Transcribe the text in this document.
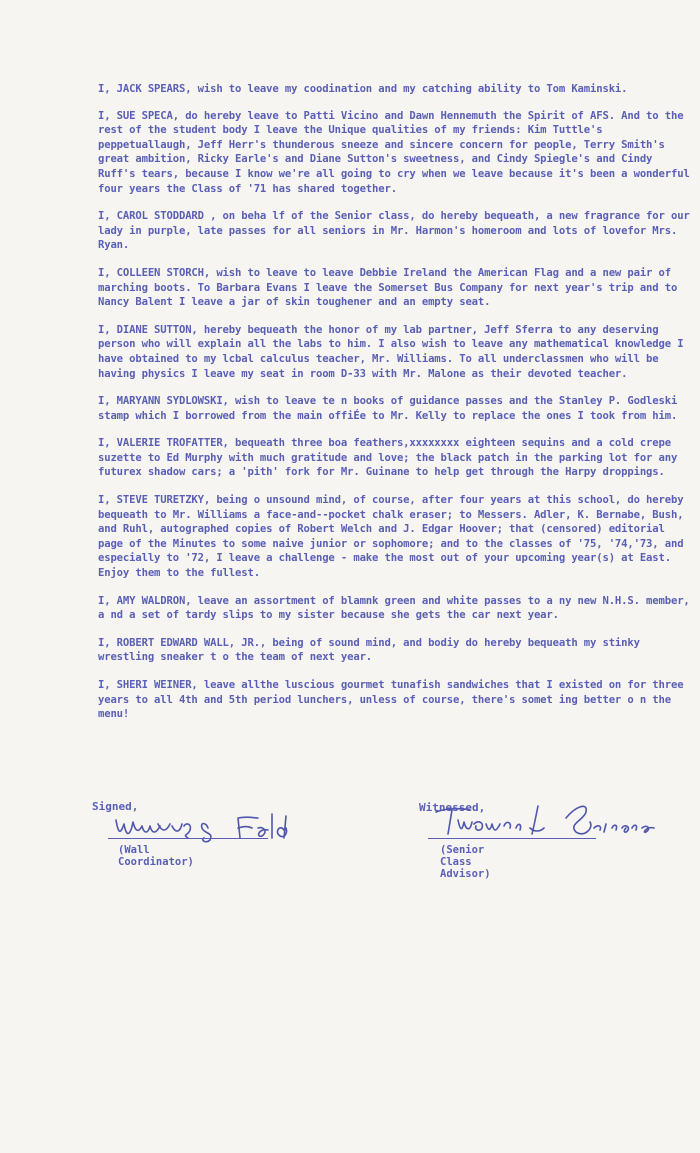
I, JACK SPEARS, wish to leave my coodination and my catching ability to Tom Kaminski.

I, SUE SPECA, do hereby leave to Patti Vicino and Dawn Hennemuth the Spirit of AFS. And to the rest of the student body I leave the Unique qualities of my friends: Kim Tuttle's peppetuallaugh, Jeff Herr's thunderous sneeze and sincere concern for people, Terry Smith's great ambition, Ricky Earle's and Diane Sutton's sweetness, and Cindy Spiegle's and Cindy Ruff's tears, because I know we're all going to cry when we leave because it's been a wonderful four years the Class of '71 has shared together.

I, CAROL STODDARD , on beha lf of the Senior class, do hereby bequeath, a new fragrance for our lady in purple, late passes for all seniors in Mr. Harmon's homeroom and lots of lovefor Mrs. Ryan.

I, COLLEEN STORCH, wish to leave to leave Debbie Ireland the American Flag and a new pair of marching boots. To Barbara Evans I leave the Somerset Bus Company for next year's trip and to Nancy Balent I leave a jar of skin toughener and an empty seat.

I, DIANE SUTTON, hereby bequeath the honor of my lab partner, Jeff Sferra to any deserving person who will explain all the labs to him. I also wish to leave any mathematical knowledge I have obtained to my lcbal calculus teacher, Mr. Williams. To all underclassmen who will be having physics I leave my seat in room D-33 with Mr. Malone as their devoted teacher.

I, MARYANN SYDLOWSKI, wish to leave te n books of guidance passes and the Stanley P. Godleski stamp which I borrowed from the main offiÉe to Mr. Kelly to replace the ones I took from him.

I, VALERIE TROFATTER, bequeath three boa feathers,xxxxxxxx eighteen sequins and a cold crepe suzette to Ed Murphy with much gratitude and love; the black patch in the parking lot for any futurex shadow cars; a 'pith' fork for Mr. Guinane to help get through the Harpy droppings.

I, STEVE TURETZKY, being o unsound mind, of course, after four years at this school, do hereby bequeath to Mr. Williams a face-and--pocket chalk eraser; to Messers. Adler, K. Bernabe, Bush, and Ruhl, autographed copies of Robert Welch and J. Edgar Hoover; that (censored) editorial page of the Minutes to some naive junior or sophomore; and to the classes of '75, '74,'73, and especially to '72, I leave a challenge - make the most out of your upcoming year(s) at East. Enjoy them to the fullest.

I, AMY WALDRON, leave an assortment of blamnk green and white passes to a ny new N.H.S. member, a nd a set of tardy slips to my sister because she gets the car next year.

I, ROBERT EDWARD WALL, JR., being of sound mind, and bodiy do hereby bequeath my stinky wrestling sneaker t o the team of next year.

I, SHERI WEINER, leave allthe luscious gourmet tunafish sandwiches that I existed on for three years to all 4th and 5th period lunchers, unless of course, there's somet ing better o n the menu!

Signed,
(Wall Coordinator)
Witnessed,
(Senior Class Advisor)
